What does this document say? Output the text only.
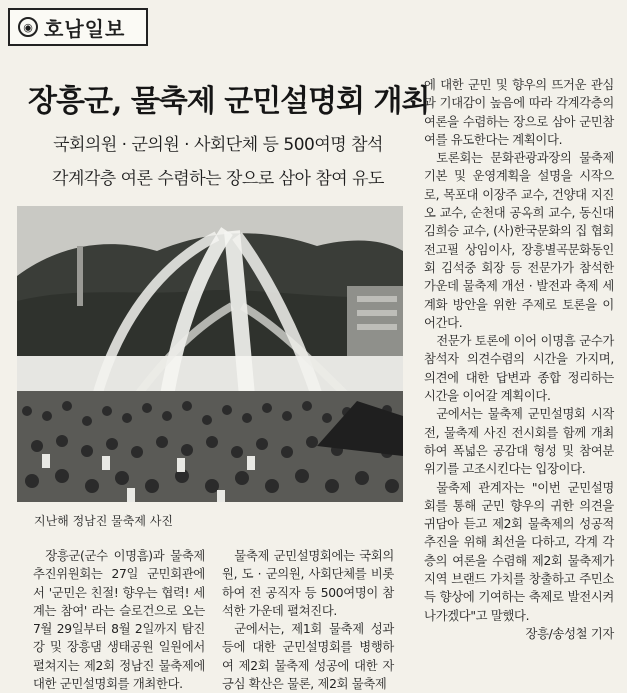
◉ 호남일보
장흥군, 물축제 군민설명회 개최
국회의원 · 군의원 · 사회단체 등 500여명 참석
각계각층 여론 수렴하는 장으로 삼아 참여 유도
지난해 정남진 물축제 사진

장흥군(군수 이명흠)과 물축제 추진위원회는 27일 군민회관에서 '군민은 친절! 향우는 협력! 세계는 참여' 라는 슬로건으로 오는 7월 29일부터 8월 2일까지 탐진강 및 장흥댐 생태공원 일원에서 펼쳐지는 제2회 정남진 물축제에 대한 군민설명회를 개최한다.

물축제 군민설명회에는 국회의원, 도 · 군의원, 사회단체를 비롯하여 전 공직자 등 500여명이 참석한 가운데 펼쳐진다.

군에서는, 제1회 물축제 성과 등에 대한 군민설명회를 병행하여 제2회 물축제 성공에 대한 자긍심 확산은 물론, 제2회 물축제

에 대한 군민 및 향우의 뜨거운 관심과 기대감이 높음에 따라 각계각층의 여론을 수렴하는 장으로 삼아 군민참여를 유도한다는 계획이다.

토론회는 문화관광과장의 물축제 기본 및 운영계획을 설명을 시작으로, 목포대 이장주 교수, 건양대 지진오 교수, 순천대 공옥희 교수, 동신대 김희승 교수, (사)한국문화의 집 협회 전고필 상임이사, 장흥별곡문화동인회 김석중 회장 등 전문가가 참석한 가운데 물축제 개선 · 발전과 축제 세계화 방안을 위한 주제로 토론을 이어간다.

전문가 토론에 이어 이명흠 군수가 참석자 의견수렴의 시간을 가지며, 의견에 대한 답변과 종합 정리하는 시간을 이어갈 계획이다.

군에서는 물축제 군민설명회 시작 전, 물축제 사진 전시회를 함께 개최하여 폭넓은 공감대 형성 및 참여분위기를 고조시킨다는 입장이다.

물축제 관계자는 "이번 군민설명회를 통해 군민 향우의 귀한 의견을 귀담아 듣고 제2회 물축제의 성공적 추진을 위해 최선을 다하고, 각계 각층의 여론을 수렴해 제2회 물축제가 지역 브랜드 가치를 창출하고 주민소득 향상에 기여하는 축제로 발전시켜 나가겠다"고 말했다.

장흥/송성철 기자
